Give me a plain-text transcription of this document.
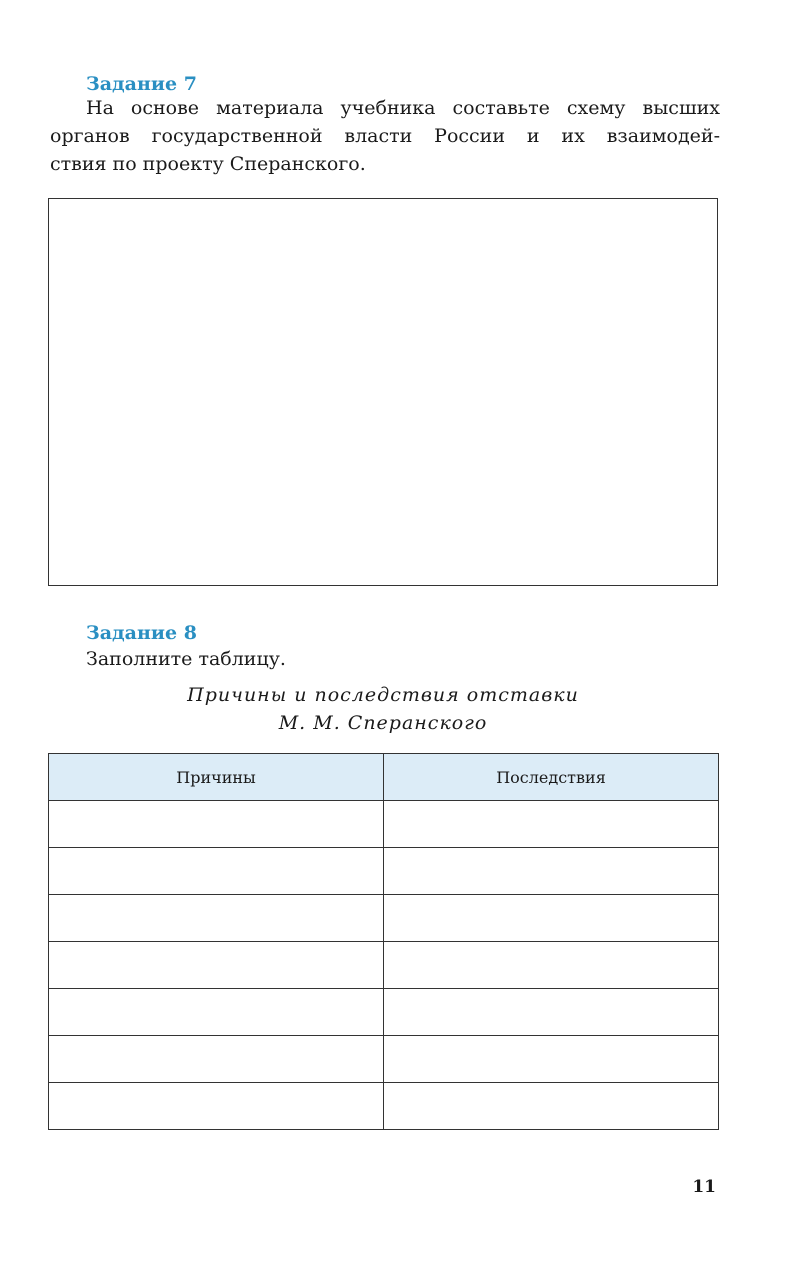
Задание 7

На основе материала учебника составьте схему высших
органов государственной власти России и их взаимодей-
ствия по проекту Сперанского.

Задание 8

Заполните таблицу.

Причины и последствия отставки
М. М. Сперанского
Причины	Последствия

11
